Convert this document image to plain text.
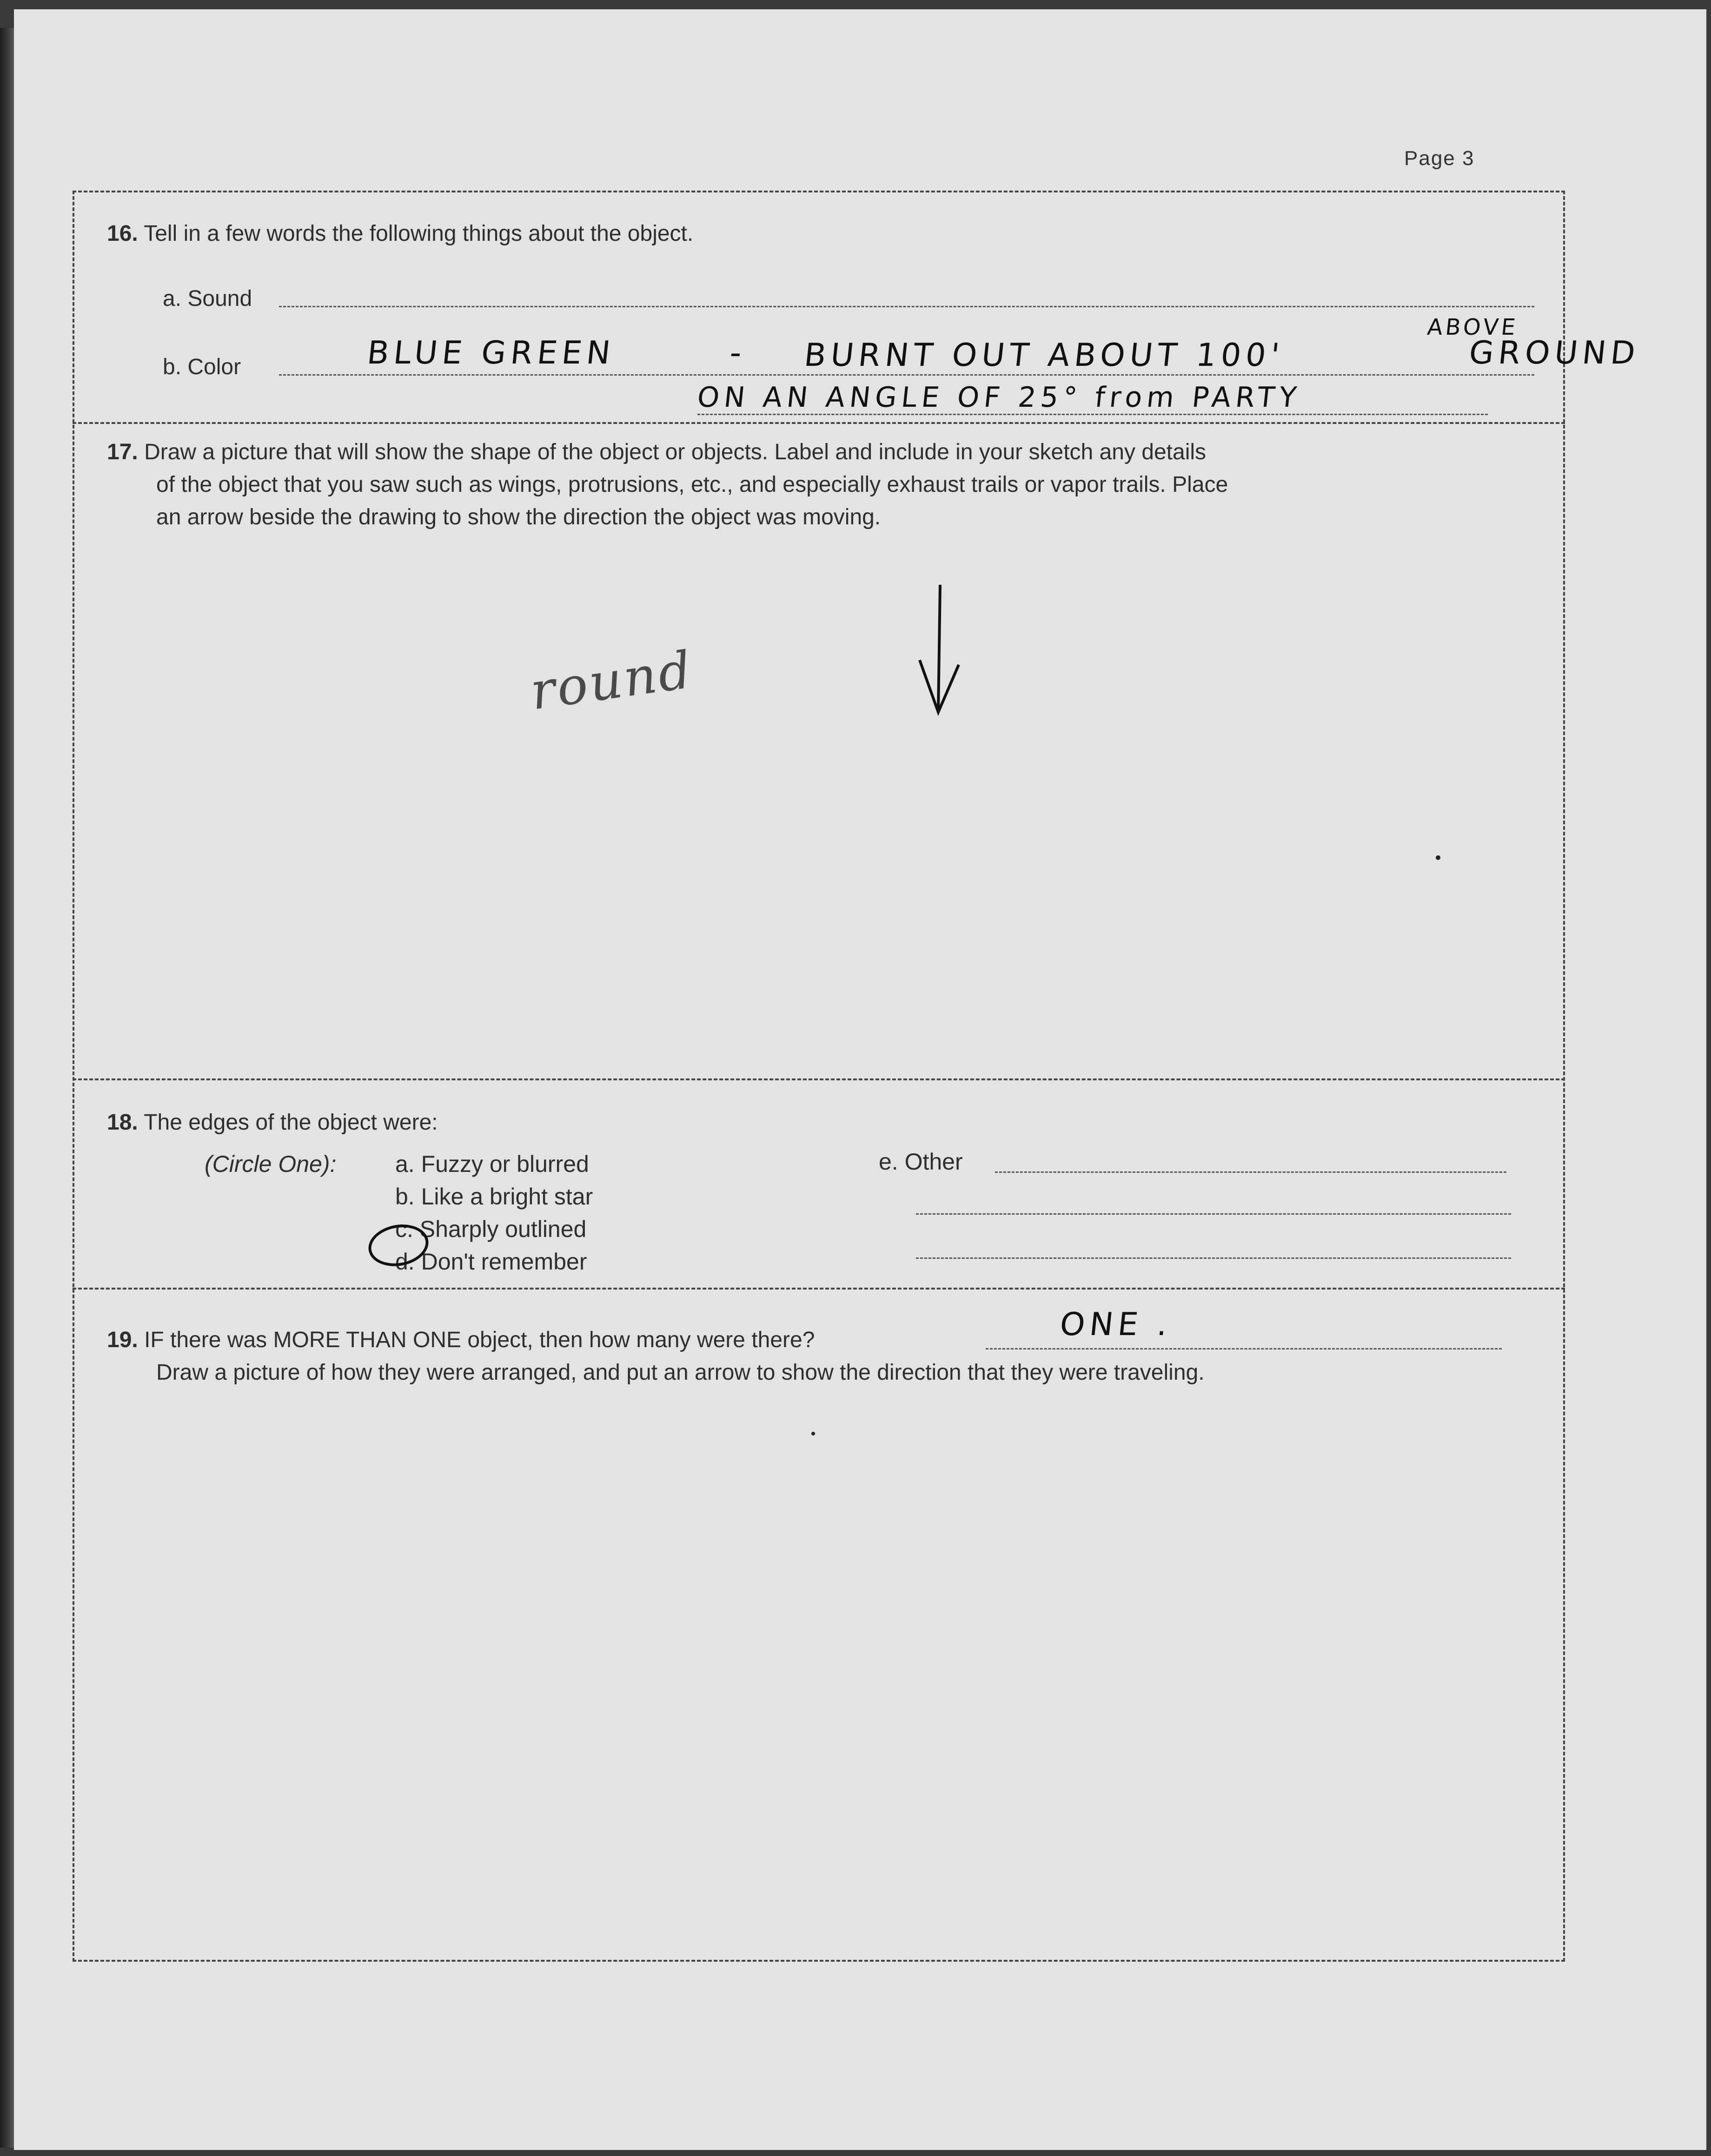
Page 3
16. Tell in a few words the following things about the object.
a. Sound
b. Color	BLUE GREEN	- BURNT OUT ABOUT 100'
ABOVE
GROUND
ON AN ANGLE OF 25° from PARTY
17. Draw a picture that will show the shape of the object or objects. Label and include in your sketch any details
of the object that you saw such as wings, protrusions, etc., and especially exhaust trails or vapor trails. Place
an arrow beside the drawing to show the direction the object was moving.
round
18. The edges of the object were:
(Circle One):	a. Fuzzy or blurred
b. Like a bright star
c. Sharply outlined
d. Don't remember
e. Other
19. IF there was MORE THAN ONE object, then how many were there?	ONE .
Draw a picture of how they were arranged, and put an arrow to show the direction that they were traveling.
